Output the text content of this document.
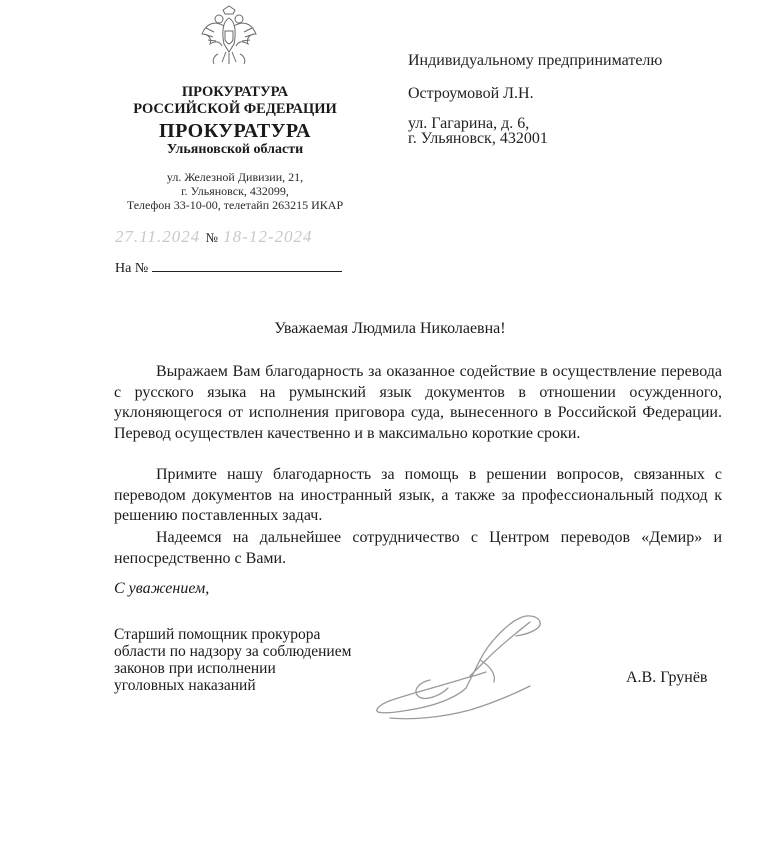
ПРОКУРАТУРА
РОССИЙСКОЙ ФЕДЕРАЦИИ
ПРОКУРАТУРА
Ульяновской области
ул. Железной Дивизии, 21,
г. Ульяновск, 432099,
Телефон 33-10-00, телетайп 263215 ИКАР
27.11.2024 № 18-12-2024
На №
Индивидуальному предпринимателю
Остроумовой Л.Н.
ул. Гагарина, д. 6,
г. Ульяновск, 432001
Уважаемая Людмила Николаевна!

Выражаем Вам благодарность за оказанное содействие в осуществление перевода с русского языка на румынский язык документов в отношении осужденного, уклоняющегося от исполнения приговора суда, вынесенного в Российской Федерации. Перевод осуществлен качественно и в максимально короткие сроки.

Примите нашу благодарность за помощь в решении вопросов, связанных с переводом документов на иностранный язык, а также за профессиональный подход к решению поставленных задач.

Надеемся на дальнейшее сотрудничество с Центром переводов «Демир» и непосредственно с Вами.

С уважением,
Старший помощник прокурора
области по надзору за соблюдением
законов при исполнении
уголовных наказаний	А.В. Грунёв
